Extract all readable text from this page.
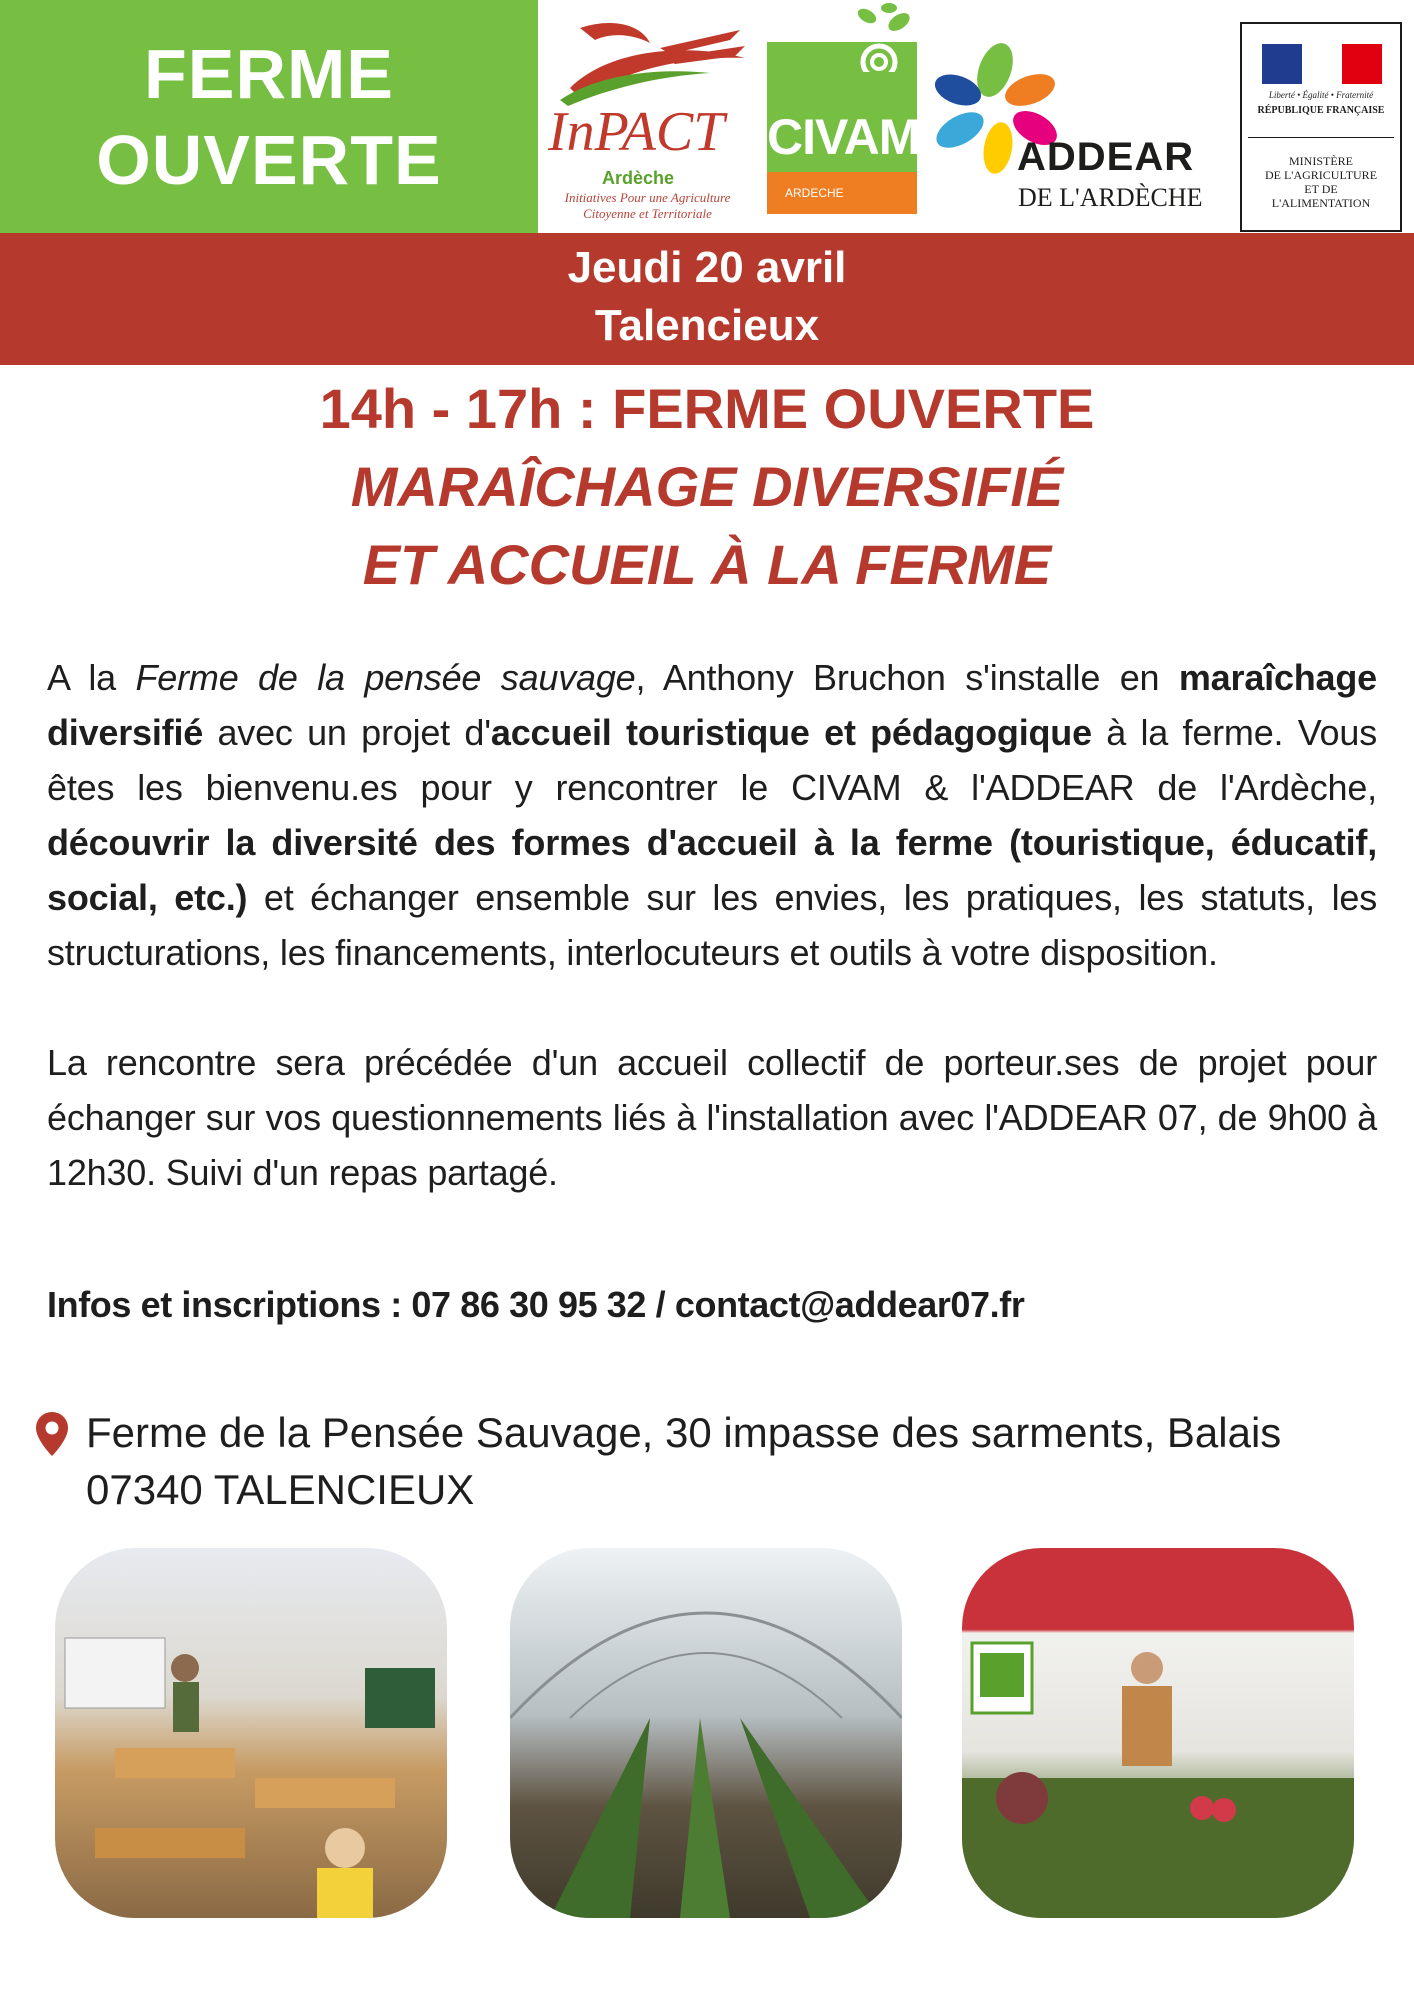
FERME
OUVERTE	InPACT
Ardèche
Initiatives Pour une Agriculture
Citoyenne et Territoriale
CIVAM
ARDECHE
ADDEAR
DE L'ARDÈCHE
Liberté • Égalité • Fraternité
RÉPUBLIQUE FRANÇAISE
MINISTÈRE
DE L'AGRICULTURE
ET DE
L'ALIMENTATION
Jeudi 20 avril
Talencieux
14h - 17h : FERME OUVERTE
MARAÎCHAGE DIVERSIFIÉ
ET ACCUEIL À LA FERME

A la Ferme de la pensée sauvage, Anthony Bruchon s'installe en maraîchage diversifié avec un projet d'accueil touristique et pédagogique à la ferme. Vous êtes les bienvenu.es pour y rencontrer le CIVAM & l'ADDEAR de l'Ardèche, découvrir la diversité des formes d'accueil à la ferme (touristique, éducatif, social, etc.) et échanger ensemble sur les envies, les pratiques, les statuts, les structurations, les financements, interlocuteurs et outils à votre disposition.

La rencontre sera précédée d'un accueil collectif de porteur.ses de projet pour échanger sur vos questionnements liés à l'installation avec l'ADDEAR 07, de 9h00 à 12h30. Suivi d'un repas partagé.

Infos et inscriptions : 07 86 30 95 32 / contact@addear07.fr
Ferme de la Pensée Sauvage, 30 impasse des sarments, Balais
07340 TALENCIEUX
